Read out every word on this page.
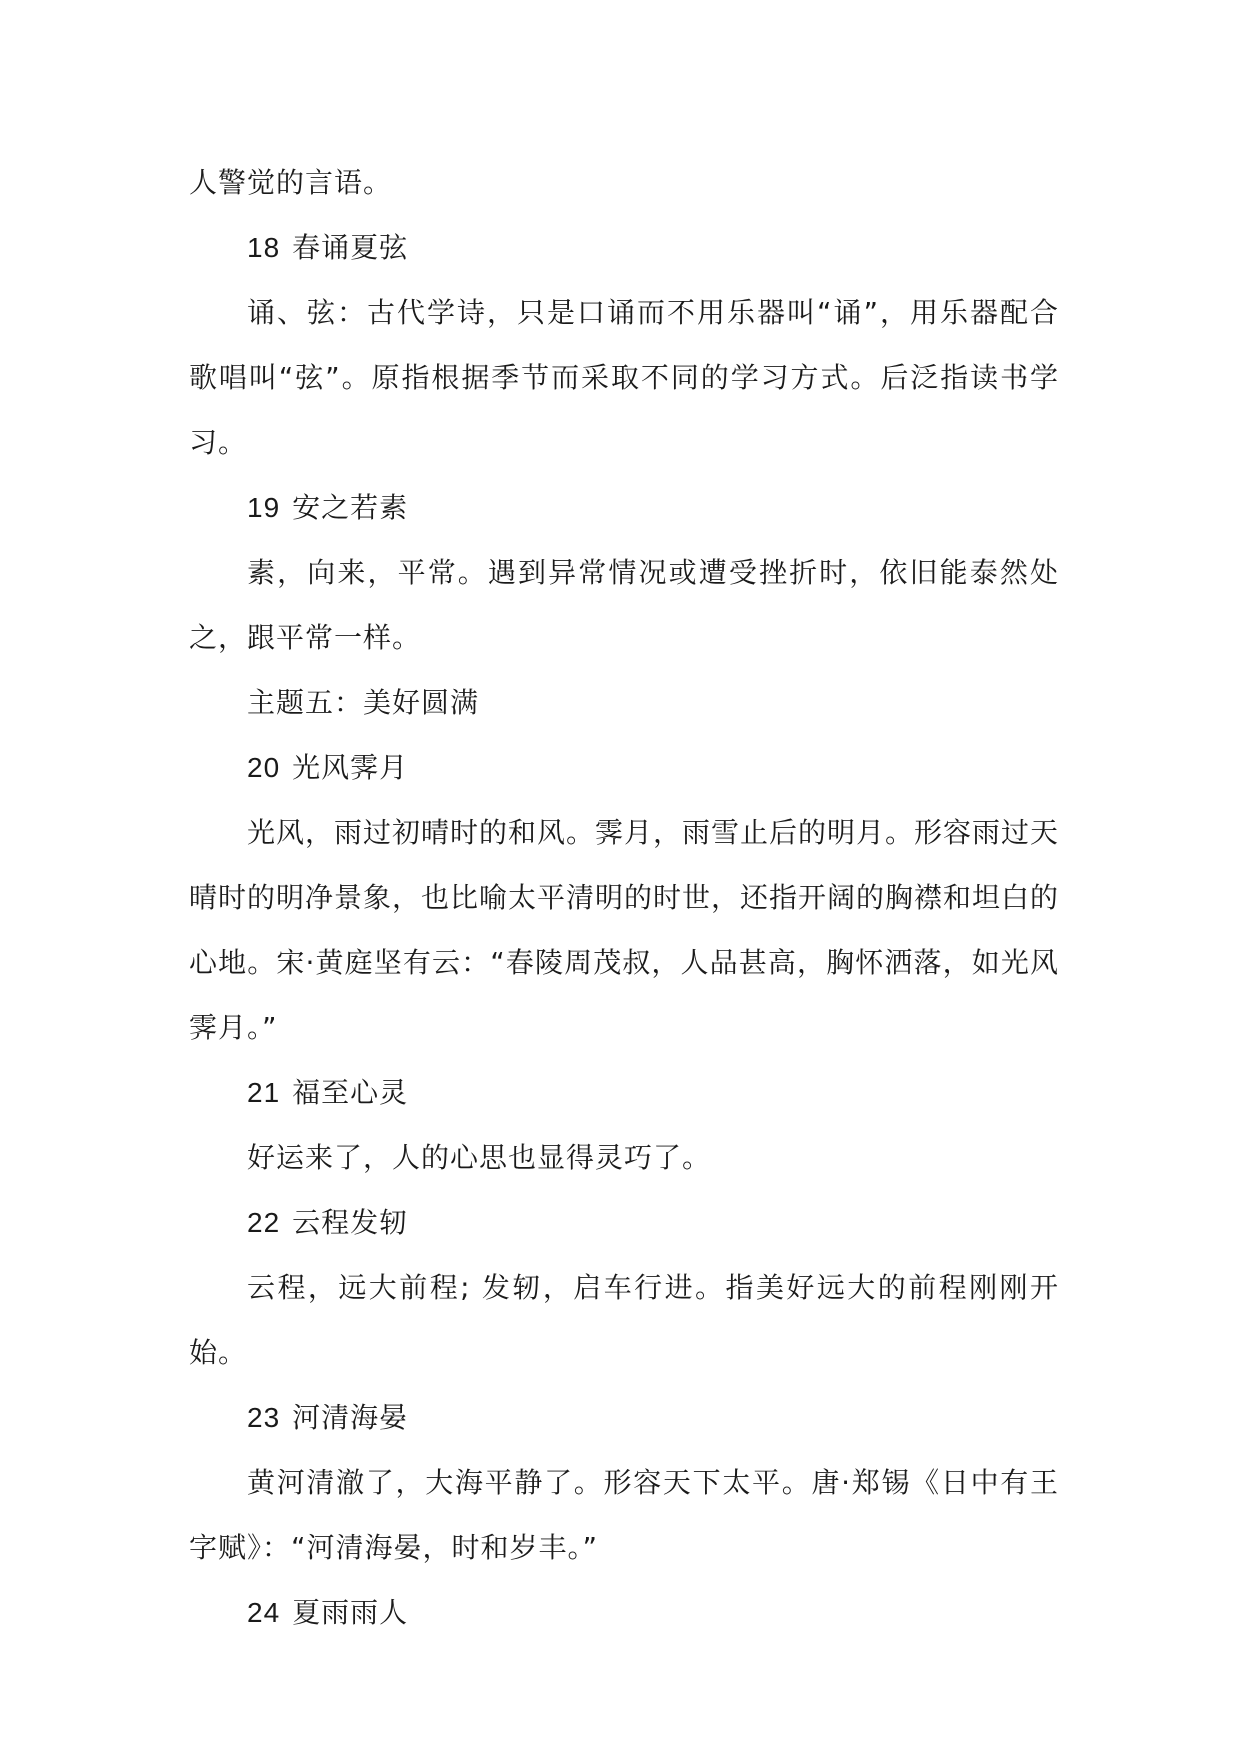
人警觉的言语。

18 春诵夏弦

诵、弦：古代学诗，只是口诵而不用乐器叫“诵”，用乐器配合歌唱叫“弦”。原指根据季节而采取不同的学习方式。后泛指读书学习。

19 安之若素

素，向来，平常。遇到异常情况或遭受挫折时，依旧能泰然处之，跟平常一样。

主题五：美好圆满

20 光风霁月

光风，雨过初晴时的和风。霁月，雨雪止后的明月。形容雨过天晴时的明净景象，也比喻太平清明的时世，还指开阔的胸襟和坦白的心地。宋·黄庭坚有云：“春陵周茂叔，人品甚高，胸怀洒落，如光风霁月。”

21 福至心灵

好运来了，人的心思也显得灵巧了。

22 云程发轫

云程，远大前程; 发轫，启车行进。指美好远大的前程刚刚开始。

23 河清海晏

黄河清澈了，大海平静了。形容天下太平。唐·郑锡《日中有王字赋》：“河清海晏，时和岁丰。”

24 夏雨雨人
